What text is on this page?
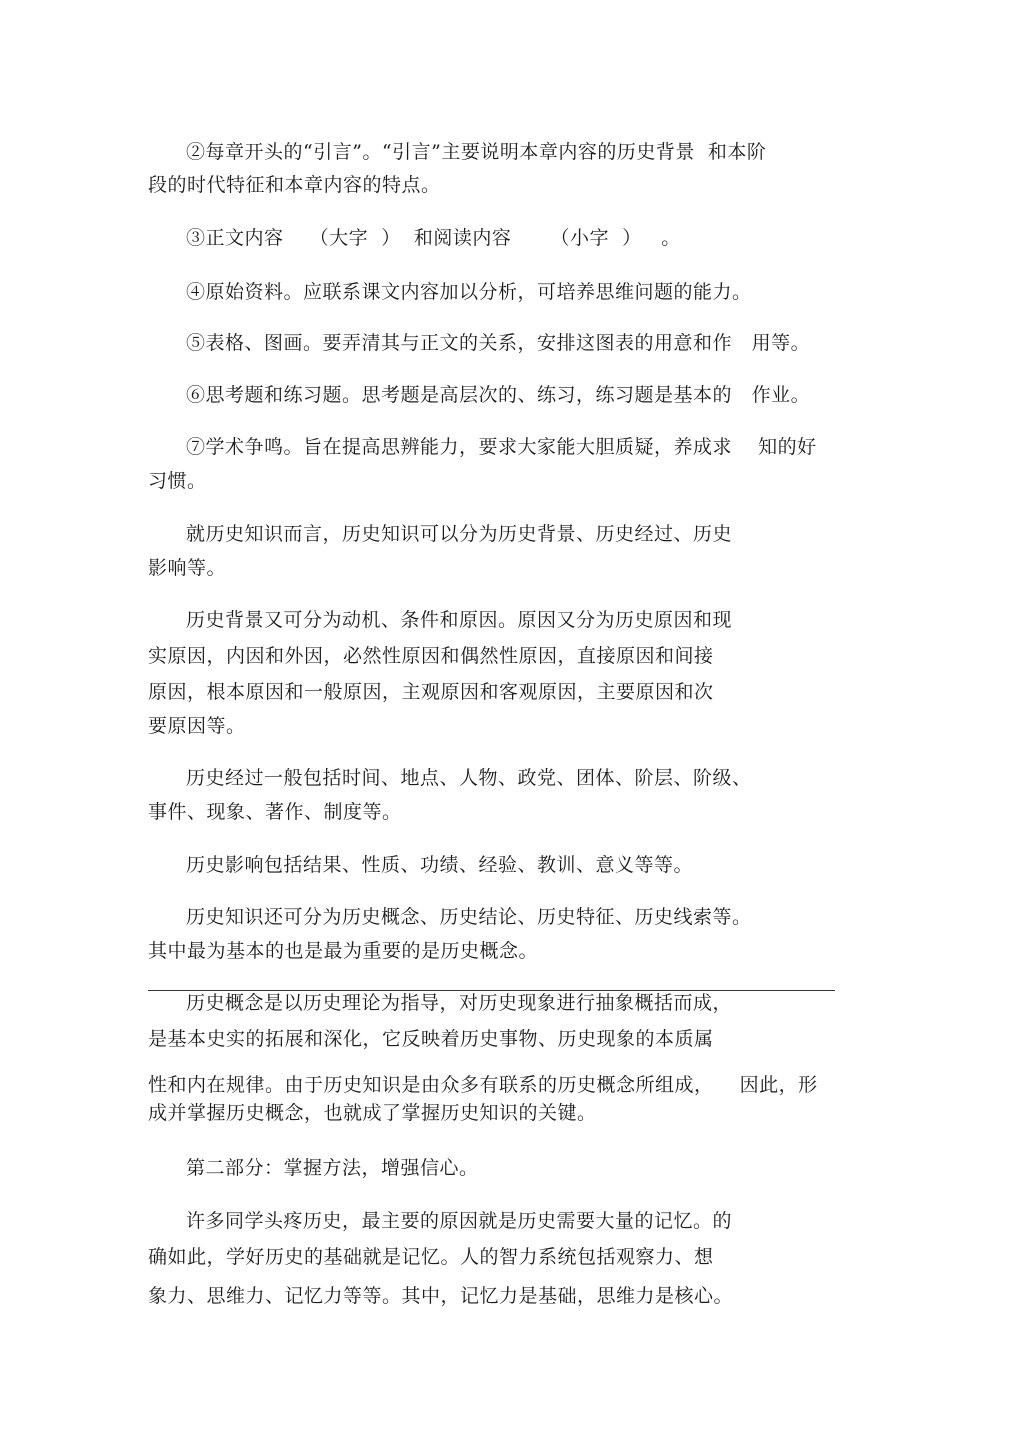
②每章开头的“引言”。“引言”主要说明本章内容的历史背景  和本阶
段的时代特征和本章内容的特点。
③正文内容    （大字  ）  和阅读内容      （小字  ）   。
④原始资料。应联系课文内容加以分析，可培养思维问题的能力。
⑤表格、图画。要弄清其与正文的关系，安排这图表的用意和作   用等。
⑥思考题和练习题。思考题是高层次的、练习，练习题是基本的   作业。
⑦学术争鸣。旨在提高思辨能力，要求大家能大胆质疑，养成求    知的好
习惯。
就历史知识而言，历史知识可以分为历史背景、历史经过、历史
影响等。
历史背景又可分为动机、条件和原因。原因又分为历史原因和现
实原因，内因和外因，必然性原因和偶然性原因，直接原因和间接
原因，根本原因和一般原因，主观原因和客观原因，主要原因和次
要原因等。
历史经过一般包括时间、地点、人物、政党、团体、阶层、阶级、
事件、现象、著作、制度等。
历史影响包括结果、性质、功绩、经验、教训、意义等等。
历史知识还可分为历史概念、历史结论、历史特征、历史线索等。
其中最为基本的也是最为重要的是历史概念。
历史概念是以历史理论为指导，对历史现象进行抽象概括而成，
是基本史实的拓展和深化，它反映着历史事物、历史现象的本质属
性和内在规律。由于历史知识是由众多有联系的历史概念所组成，    因此，形
成并掌握历史概念，也就成了掌握历史知识的关键。
第二部分：掌握方法，增强信心。
许多同学头疼历史，最主要的原因就是历史需要大量的记忆。的
确如此，学好历史的基础就是记忆。人的智力系统包括观察力、想
象力、思维力、记忆力等等。其中，记忆力是基础，思维力是核心。
